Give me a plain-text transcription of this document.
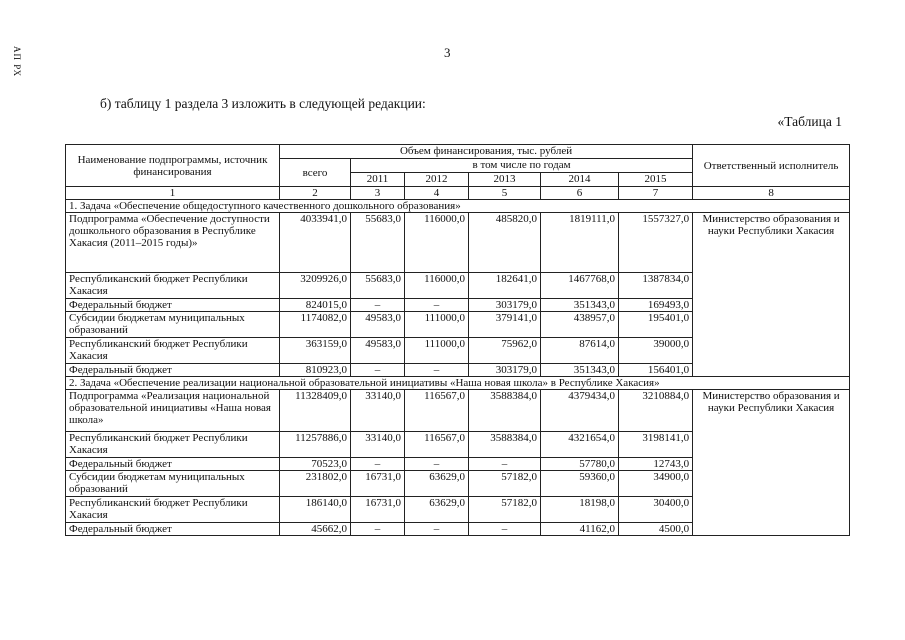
АП РХ	3
б) таблицу 1 раздела 3 изложить в следующей редакции:
«Таблица 1
Наименование подпрограммы, источник финансирования	Объем финансирования, тыс. рублей						Ответственный исполнитель
	всего	в том числе по годам					
		2011	2012	2013	2014	2015	
1	2	3	4	5	6	7	8
1. Задача «Обеспечение общедоступного качественного дошкольного образования»							
Подпрограмма «Обеспечение доступности дошкольного образования в Республике Хакасия (2011–2015 годы)»	4033941,0	55683,0	116000,0	485820,0	1819111,0	1557327,0	Министерство образования и науки Республики Хакасия
Республиканский бюджет Республики Хакасия	3209926,0	55683,0	116000,0	182641,0	1467768,0	1387834,0	
Федеральный бюджет	824015,0	–	–	303179,0	351343,0	169493,0	
Субсидии бюджетам муниципальных образований	1174082,0	49583,0	111000,0	379141,0	438957,0	195401,0	
Республиканский бюджет Республики Хакасия	363159,0	49583,0	111000,0	75962,0	87614,0	39000,0	
Федеральный бюджет	810923,0	–	–	303179,0	351343,0	156401,0	
2. Задача «Обеспечение реализации национальной образовательной инициативы «Наша новая школа» в Республике Хакасия»							
Подпрограмма «Реализация национальной образовательной инициативы «Наша новая школа»	11328409,0	33140,0	116567,0	3588384,0	4379434,0	3210884,0	Министерство образования и науки Республики Хакасия
Республиканский бюджет Республики Хакасия	11257886,0	33140,0	116567,0	3588384,0	4321654,0	3198141,0	
Федеральный бюджет	70523,0	–	–	–	57780,0	12743,0	
Субсидии бюджетам муниципальных образований	231802,0	16731,0	63629,0	57182,0	59360,0	34900,0	
Республиканский бюджет Республики Хакасия	186140,0	16731,0	63629,0	57182,0	18198,0	30400,0	
Федеральный бюджет	45662,0	–	–	–	41162,0	4500,0	
